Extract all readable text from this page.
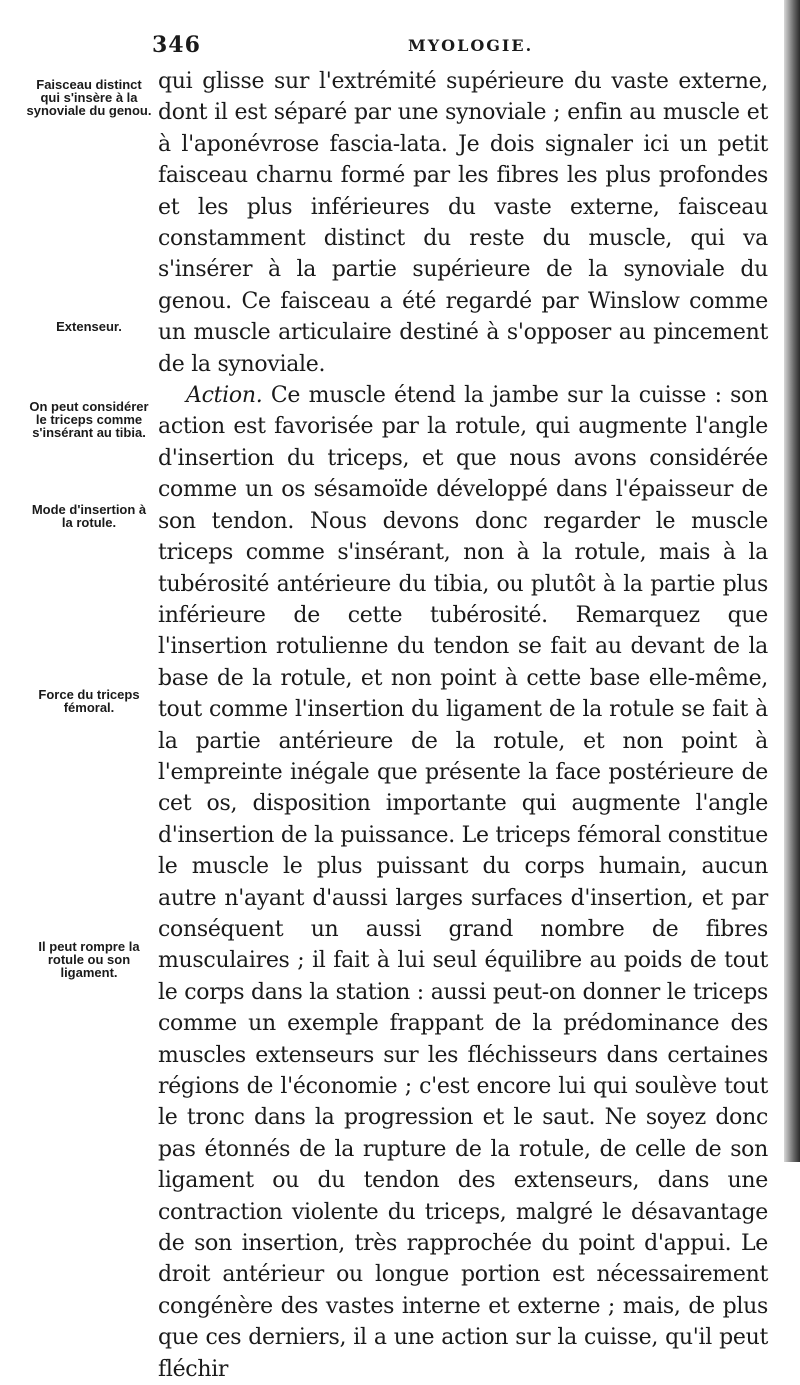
346	MYOLOGIE.
Faisceau distinct qui s'insère à la synoviale du genou.
Extenseur.
On peut considérer le triceps comme s'insérant au tibia.
Mode d'insertion à la rotule.
Force du triceps fémoral.
Il peut rompre la rotule ou son ligament.

qui glisse sur l'extrémité supérieure du vaste externe, dont il est séparé par une synoviale ; enfin au muscle et à l'aponévrose fascia-lata. Je dois signaler ici un petit faisceau charnu formé par les fibres les plus profondes et les plus inférieures du vaste externe, faisceau constamment distinct du reste du muscle, qui va s'insérer à la partie supérieure de la synoviale du genou. Ce faisceau a été regardé par Winslow comme un muscle articulaire destiné à s'opposer au pincement de la synoviale.

Action. Ce muscle étend la jambe sur la cuisse : son action est favorisée par la rotule, qui augmente l'angle d'insertion du triceps, et que nous avons considérée comme un os sésamoïde développé dans l'épaisseur de son tendon. Nous devons donc regarder le muscle triceps comme s'insérant, non à la rotule, mais à la tubérosité antérieure du tibia, ou plutôt à la partie plus inférieure de cette tubérosité. Remarquez que l'insertion rotulienne du tendon se fait au devant de la base de la rotule, et non point à cette base elle-même, tout comme l'insertion du ligament de la rotule se fait à la partie antérieure de la rotule, et non point à l'empreinte inégale que présente la face postérieure de cet os, disposition importante qui augmente l'angle d'insertion de la puissance. Le triceps fémoral constitue le muscle le plus puissant du corps humain, aucun autre n'ayant d'aussi larges surfaces d'insertion, et par conséquent un aussi grand nombre de fibres musculaires ; il fait à lui seul équilibre au poids de tout le corps dans la station : aussi peut-on donner le triceps comme un exemple frappant de la prédominance des muscles extenseurs sur les fléchisseurs dans certaines régions de l'économie ; c'est encore lui qui soulève tout le tronc dans la progression et le saut. Ne soyez donc pas étonnés de la rupture de la rotule, de celle de son ligament ou du tendon des extenseurs, dans une contraction violente du triceps, malgré le désavantage de son insertion, très rapprochée du point d'appui. Le droit antérieur ou longue portion est nécessairement congénère des vastes interne et externe ; mais, de plus que ces derniers, il a une action sur la cuisse, qu'il peut fléchir
